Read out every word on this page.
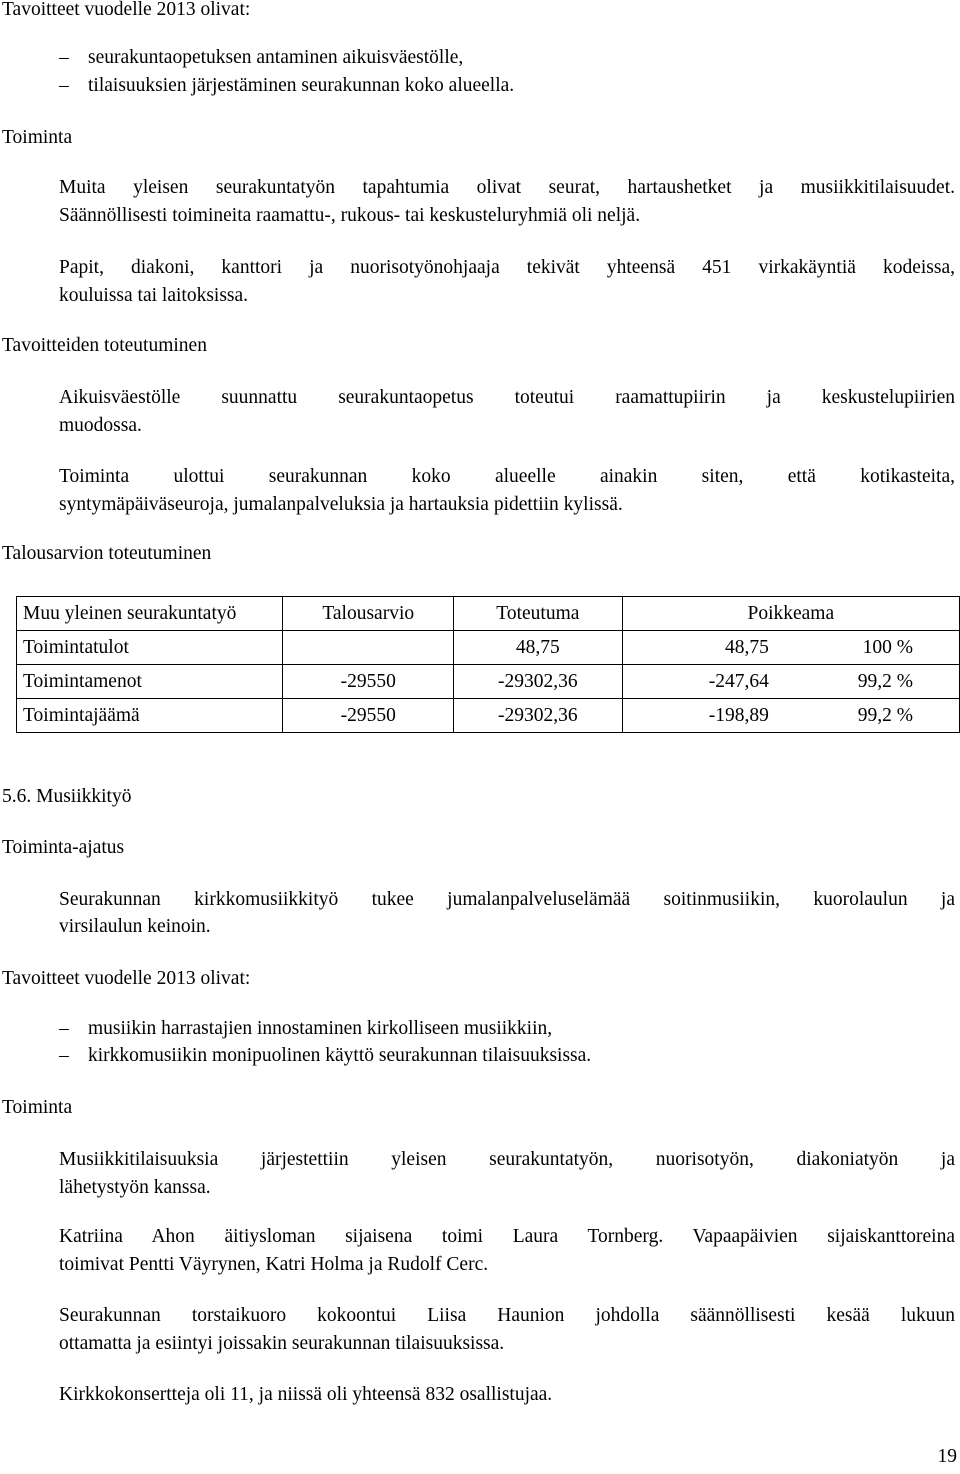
Tavoitteet vuodelle 2013 olivat:
– seurakuntaopetuksen antaminen aikuisväestölle,
– tilaisuuksien järjestäminen seurakunnan koko alueella.
Toiminta
Muita yleisen seurakuntatyön tapahtumia olivat seurat, hartaushetket ja musiikkitilaisuudet.
Säännöllisesti toimineita raamattu-, rukous- tai keskusteluryhmiä oli neljä.
Papit, diakoni, kanttori ja nuorisotyönohjaaja tekivät yhteensä 451 virkakäyntiä kodeissa,
kouluissa tai laitoksissa.
Tavoitteiden toteutuminen
Aikuisväestölle suunnattu seurakuntaopetus toteutui raamattupiirin ja keskustelupiirien
muodossa.
Toiminta ulottui seurakunnan koko alueelle ainakin siten, että kotikasteita,
syntymäpäiväseuroja, jumalanpalveluksia ja hartauksia pidettiin kylissä.
Talousarvion toteutuminen
Muu yleinen seurakuntatyö	Talousarvio	Toteutuma	Poikkeama	
Toimintatulot		48,75	48,75	100 %
Toimintamenot	-29550	-29302,36	-247,64	99,2 %
Toimintajäämä	-29550	-29302,36	-198,89	99,2 %
5.6. Musiikkityö
Toiminta-ajatus
Seurakunnan kirkkomusiikkityö tukee jumalanpalveluselämää soitinmusiikin, kuorolaulun ja
virsilaulun keinoin.
Tavoitteet vuodelle 2013 olivat:
– musiikin harrastajien innostaminen kirkolliseen musiikkiin,
– kirkkomusiikin monipuolinen käyttö seurakunnan tilaisuuksissa.
Toiminta
Musiikkitilaisuuksia järjestettiin yleisen seurakuntatyön, nuorisotyön, diakoniatyön ja
lähetystyön kanssa.
Katriina Ahon äitiysloman sijaisena toimi Laura Tornberg. Vapaapäivien sijaiskanttoreina
toimivat Pentti Väyrynen, Katri Holma ja Rudolf Cerc.
Seurakunnan torstaikuoro kokoontui Liisa Haunion johdolla säännöllisesti kesää lukuun
ottamatta ja esiintyi joissakin seurakunnan tilaisuuksissa.
Kirkkokonsertteja oli 11, ja niissä oli yhteensä 832 osallistujaa.
19
